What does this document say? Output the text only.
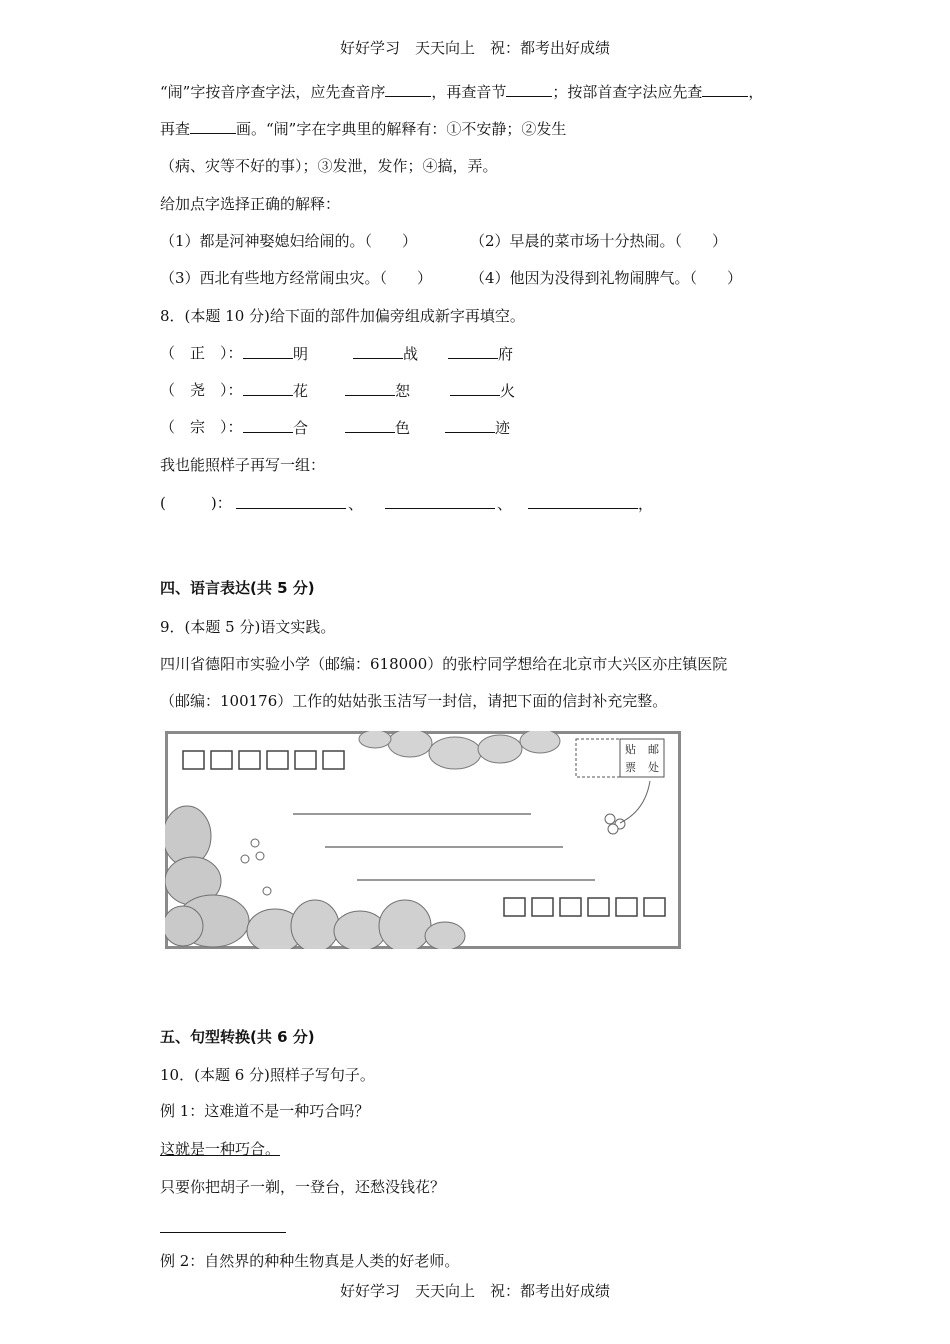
好好学习　天天向上　祝：都考出好成绩
“闹”字按音序查字法，应先查音序	，再查音节	；按部首查字法应先查	，
再查	画。“闹”字在字典里的解释有：①不安静；②发生
（病、灾等不好的事）；③发泄，发作；④搞，弄。
给加点字选择正确的解释：
（1）都是河神娶媳妇给闹的。（　　）	（2）早晨的菜市场十分热闹。（　　）
（3）西北有些地方经常闹虫灾。（　　）	（4）他因为没得到礼物闹脾气。（　　）
8．(本题 10 分)给下面的部件加偏旁组成新字再填空。
（　正　）：	明	战	府
（　尧　）：	花	恕	火
（　宗　）：	合	色	迹
我也能照样子再写一组：
(　　　)：	、	、	，
四、语言表达(共 5 分)
9．(本题 5 分)语文实践。
四川省德阳市实验小学（邮编：618000）的张柠同学想给在北京市大兴区亦庄镇医院
（邮编：100176）工作的姑姑张玉洁写一封信，请把下面的信封补充完整。
贴 邮
票 处
五、句型转换(共 6 分)
10．(本题 6 分)照样子写句子。
例 1：这难道不是一种巧合吗？
这就是一种巧合。
只要你把胡子一剃，一登台，还愁没钱花？
例 2：自然界的种种生物真是人类的好老师。
好好学习　天天向上　祝：都考出好成绩
